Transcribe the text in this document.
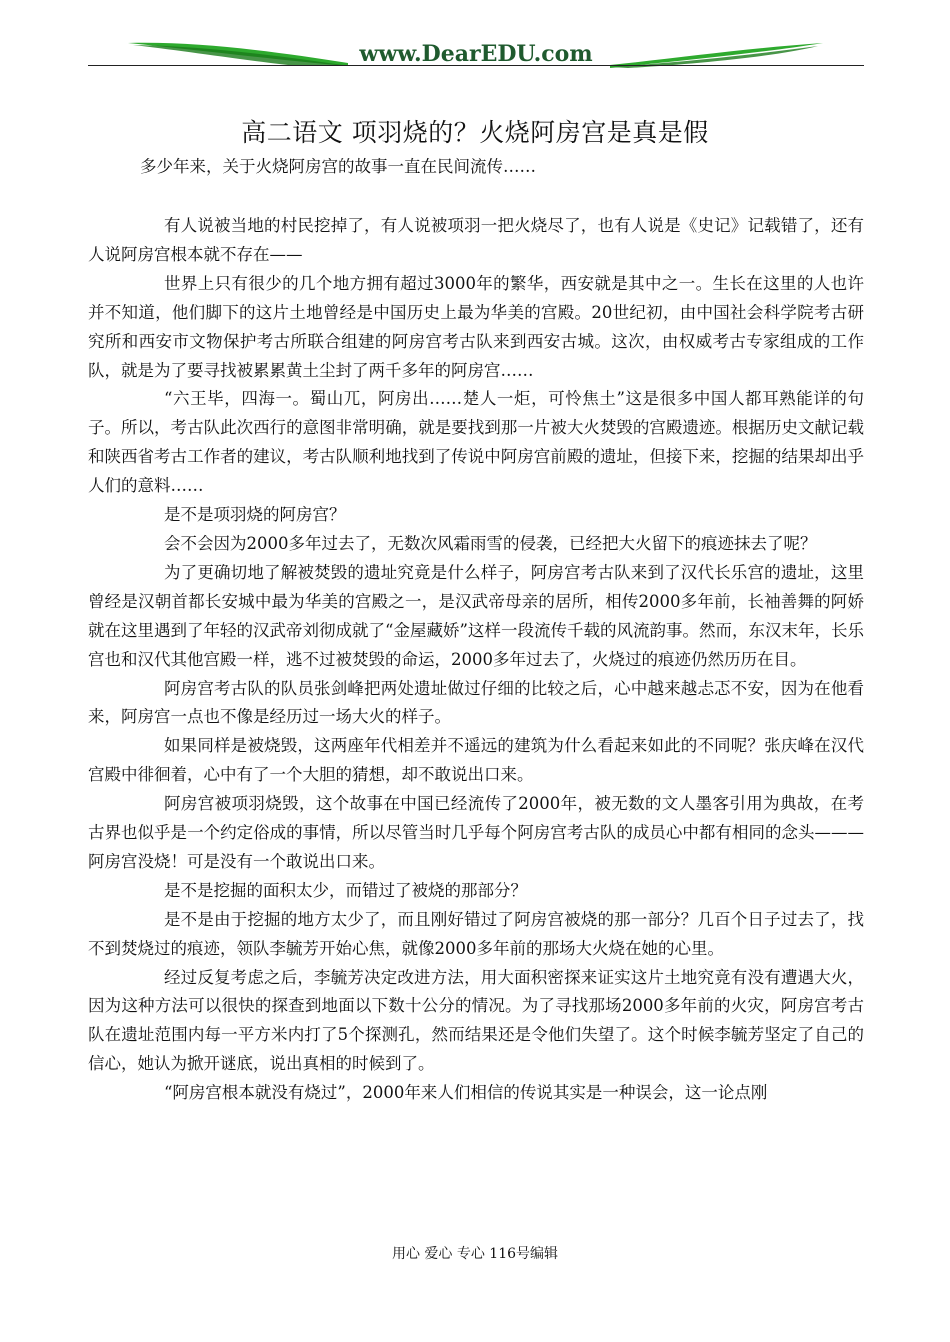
www.DearEDU.com
高二语文 项羽烧的？火烧阿房宫是真是假
多少年来，关于火烧阿房宫的故事一直在民间流传……

有人说被当地的村民挖掉了，有人说被项羽一把火烧尽了，也有人说是《史记》记载错了，还有人说阿房宫根本就不存在——

世界上只有很少的几个地方拥有超过3000年的繁华，西安就是其中之一。生长在这里的人也许并不知道，他们脚下的这片土地曾经是中国历史上最为华美的宫殿。20世纪初，由中国社会科学院考古研究所和西安市文物保护考古所联合组建的阿房宫考古队来到西安古城。这次，由权威考古专家组成的工作队，就是为了要寻找被累累黄土尘封了两千多年的阿房宫……

“六王毕，四海一。蜀山兀，阿房出……楚人一炬，可怜焦土”这是很多中国人都耳熟能详的句子。所以，考古队此次西行的意图非常明确，就是要找到那一片被大火焚毁的宫殿遗迹。根据历史文献记载和陕西省考古工作者的建议，考古队顺利地找到了传说中阿房宫前殿的遗址，但接下来，挖掘的结果却出乎人们的意料……

是不是项羽烧的阿房宫？

会不会因为2000多年过去了，无数次风霜雨雪的侵袭，已经把大火留下的痕迹抹去了呢？

为了更确切地了解被焚毁的遗址究竟是什么样子，阿房宫考古队来到了汉代长乐宫的遗址，这里曾经是汉朝首都长安城中最为华美的宫殿之一，是汉武帝母亲的居所，相传2000多年前，长袖善舞的阿娇就在这里遇到了年轻的汉武帝刘彻成就了“金屋藏娇”这样一段流传千载的风流韵事。然而，东汉末年，长乐宫也和汉代其他宫殿一样，逃不过被焚毁的命运，2000多年过去了，火烧过的痕迹仍然历历在目。

阿房宫考古队的队员张剑峰把两处遗址做过仔细的比较之后，心中越来越忐忑不安，因为在他看来，阿房宫一点也不像是经历过一场大火的样子。

如果同样是被烧毁，这两座年代相差并不遥远的建筑为什么看起来如此的不同呢？张庆峰在汉代宫殿中徘徊着，心中有了一个大胆的猜想，却不敢说出口来。

阿房宫被项羽烧毁，这个故事在中国已经流传了2000年，被无数的文人墨客引用为典故，在考古界也似乎是一个约定俗成的事情，所以尽管当时几乎每个阿房宫考古队的成员心中都有相同的念头———阿房宫没烧！可是没有一个敢说出口来。

是不是挖掘的面积太少，而错过了被烧的那部分？

是不是由于挖掘的地方太少了，而且刚好错过了阿房宫被烧的那一部分？几百个日子过去了，找不到焚烧过的痕迹，领队李毓芳开始心焦，就像2000多年前的那场大火烧在她的心里。

经过反复考虑之后，李毓芳决定改进方法，用大面积密探来证实这片土地究竟有没有遭遇大火，因为这种方法可以很快的探查到地面以下数十公分的情况。为了寻找那场2000多年前的火灾，阿房宫考古队在遗址范围内每一平方米内打了5个探测孔，然而结果还是令他们失望了。这个时候李毓芳坚定了自己的信心，她认为掀开谜底，说出真相的时候到了。

“阿房宫根本就没有烧过”，2000年来人们相信的传说其实是一种误会，这一论点刚

用心 爱心 专心 116号编辑
